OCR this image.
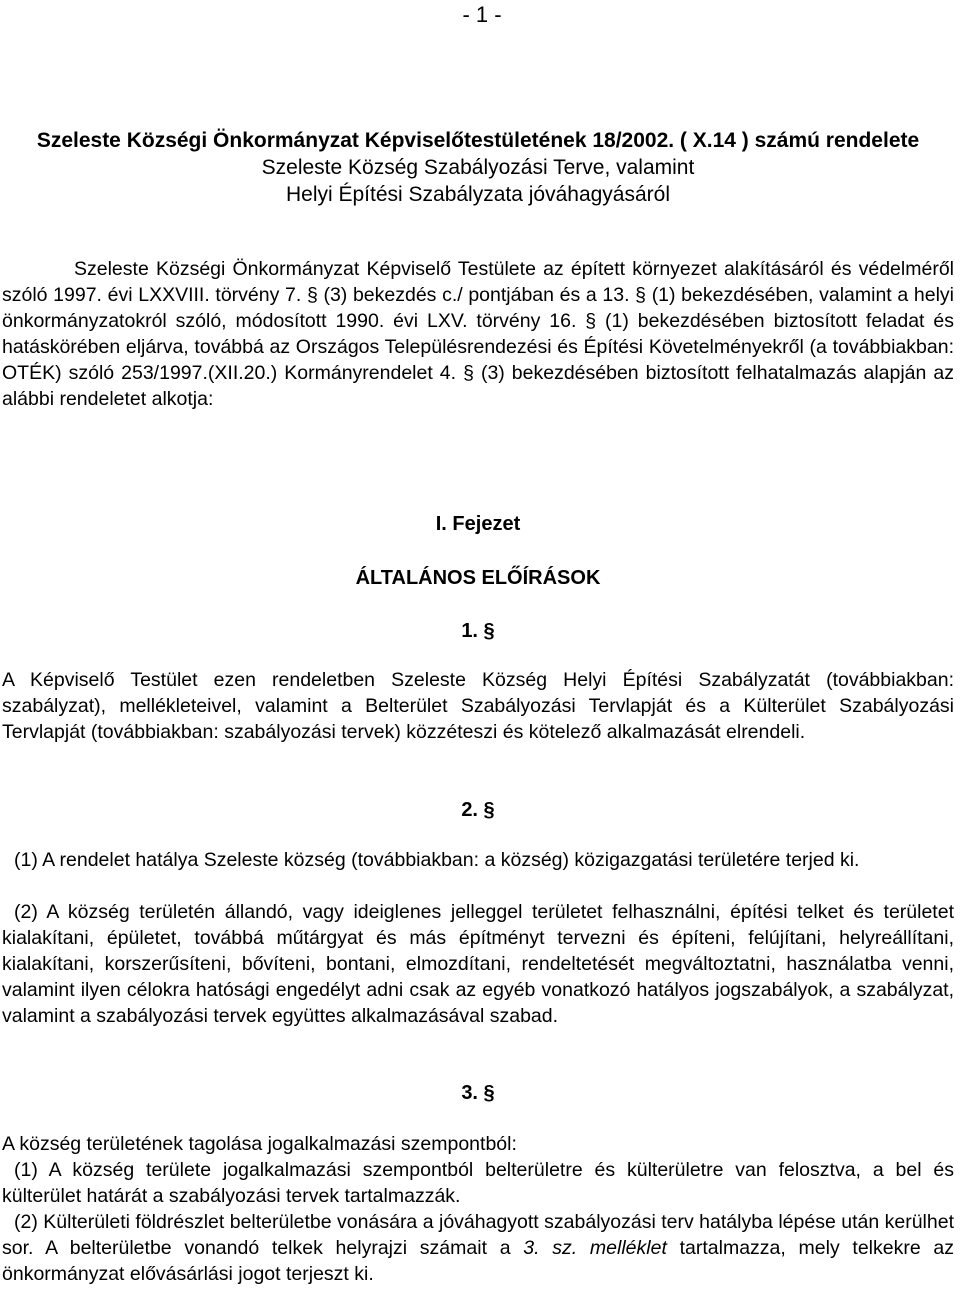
- 1 -
Szeleste Községi Önkormányzat Képviselőtestületének 18/2002. ( X.14 ) számú rendelete
Szeleste Község Szabályozási Terve, valamint
Helyi Építési Szabályzata jóváhagyásáról

Szeleste Községi Önkormányzat Képviselő Testülete az épített környezet alakításáról és védelméről szóló 1997. évi LXXVIII. törvény 7. § (3) bekezdés c./ pontjában és a 13. § (1) bekezdésében, valamint a helyi önkormányzatokról szóló, módosított 1990. évi LXV. törvény 16. § (1) bekezdésében biztosított feladat és hatáskörében eljárva, továbbá az Országos Településrendezési és Építési Követelményekről (a továbbiakban: OTÉK) szóló 253/1997.(XII.20.) Kormányrendelet 4. § (3) bekezdésében biztosított felhatalmazás alapján az alábbi rendeletet alkotja:

I. Fejezet
ÁLTALÁNOS ELŐÍRÁSOK
1. §

A Képviselő Testület ezen rendeletben Szeleste Község Helyi Építési Szabályzatát (továbbiakban: szabályzat), mellékleteivel, valamint a Belterület Szabályozási Tervlapját és a Külterület Szabályozási Tervlapját (továbbiakban: szabályozási tervek) közzéteszi és kötelező alkalmazását elrendeli.

2. §

(1) A rendelet hatálya Szeleste község (továbbiakban: a község) közigazgatási területére terjed ki.

(2) A község területén állandó, vagy ideiglenes jelleggel területet felhasználni, építési telket és területet kialakítani, épületet, továbbá műtárgyat és más építményt tervezni és építeni, felújítani, helyreállítani, kialakítani, korszerűsíteni, bővíteni, bontani, elmozdítani, rendeltetését megváltoztatni, használatba venni, valamint ilyen célokra hatósági engedélyt adni csak az egyéb vonatkozó hatályos jogszabályok, a szabályzat, valamint a szabályozási tervek együttes alkalmazásával szabad.

3. §

A község területének tagolása jogalkalmazási szempontból:

(1) A község területe jogalkalmazási szempontból belterületre és külterületre van felosztva, a bel és külterület határát a szabályozási tervek tartalmazzák.

(2) Külterületi földrészlet belterületbe vonására a jóváhagyott szabályozási terv hatályba lépése után kerülhet sor. A belterületbe vonandó telkek helyrajzi számait a 3. sz. melléklet tartalmazza, mely telkekre az önkormányzat elővásárlási jogot terjeszt ki.
